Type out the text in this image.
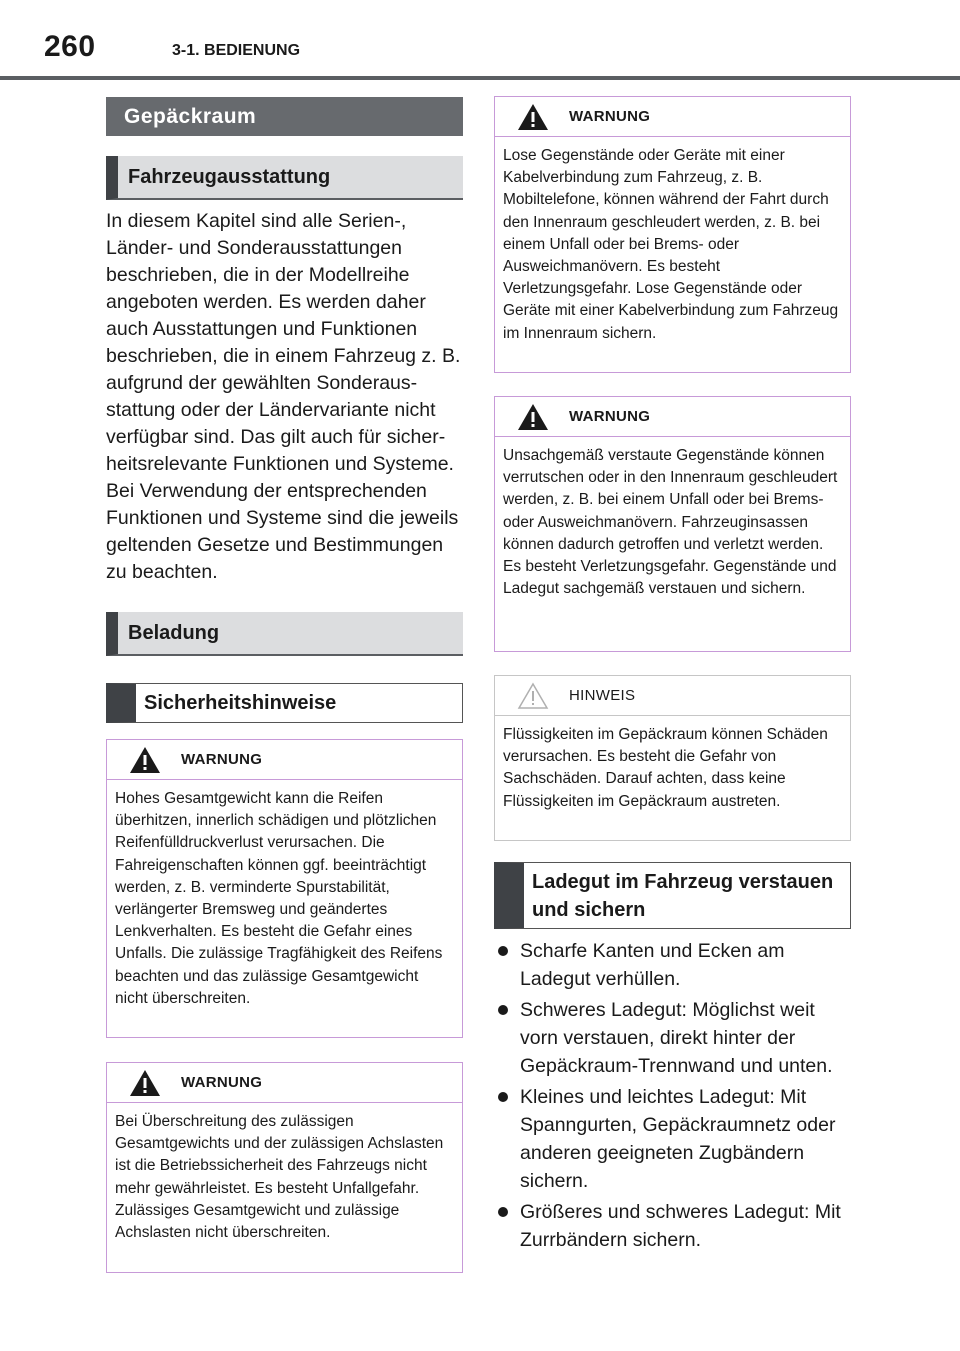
260	3-1. BEDIENUNG
Gepäckraum
Fahrzeugausstattung
In diesem Kapitel sind alle Serien-, Länder- und Sonderausstattungen beschrieben, die in der Modellreihe angeboten werden. Es werden daher auch Ausstattungen und Funktionen beschrieben, die in einem Fahrzeug z. B. aufgrund der gewählten Sonderausstattung oder der Ländervariante nicht verfügbar sind. Das gilt auch für sicherheitsrelevante Funktionen und Systeme. Bei Verwendung der entsprechenden Funktionen und Systeme sind die jeweils geltenden Gesetze und Bestimmungen zu beachten.
Beladung
Sicherheitshinweise
WARNUNG
Hohes Gesamtgewicht kann die Reifen überhitzen, innerlich schädigen und plötzlichen Reifenfülldruckverlust verursachen. Die Fahreigenschaften können ggf. beeinträchtigt werden, z. B. verminderte Spurstabilität, verlängerter Bremsweg und geändertes Lenkverhalten. Es besteht die Gefahr eines Unfalls. Die zulässige Tragfähigkeit des Reifens beachten und das zulässige Gesamtgewicht nicht überschreiten.
WARNUNG
Bei Überschreitung des zulässigen Gesamtgewichts und der zulässigen Achslasten ist die Betriebssicherheit des Fahrzeugs nicht mehr gewährleistet. Es besteht Unfallgefahr. Zulässiges Gesamtgewicht und zulässige Achslasten nicht überschreiten.
WARNUNG
Lose Gegenstände oder Geräte mit einer Kabelverbindung zum Fahrzeug, z. B. Mobiltelefone, können während der Fahrt durch den Innenraum geschleudert werden, z. B. bei einem Unfall oder bei Brems- oder Ausweichmanövern. Es besteht Verletzungsgefahr. Lose Gegenstände oder Geräte mit einer Kabelverbindung zum Fahrzeug im Innenraum sichern.
WARNUNG
Unsachgemäß verstaute Gegenstände können verrutschen oder in den Innenraum geschleudert werden, z. B. bei einem Unfall oder bei Brems- oder Ausweichmanövern. Fahrzeuginsassen können dadurch getroffen und verletzt werden. Es besteht Verletzungsgefahr. Gegenstände und Ladegut sachgemäß verstauen und sichern.
HINWEIS
Flüssigkeiten im Gepäckraum können Schäden verursachen. Es besteht die Gefahr von Sachschäden. Darauf achten, dass keine Flüssigkeiten im Gepäckraum austreten.
Ladegut im Fahrzeug verstauen und sichern
Scharfe Kanten und Ecken am Ladegut verhüllen.
Schweres Ladegut: Möglichst weit vorn verstauen, direkt hinter der Gepäckraum-Trennwand und unten.
Kleines und leichtes Ladegut: Mit Spanngurten, Gepäckraumnetz oder anderen geeigneten Zugbändern sichern.
Größeres und schweres Ladegut: Mit Zurrbändern sichern.
